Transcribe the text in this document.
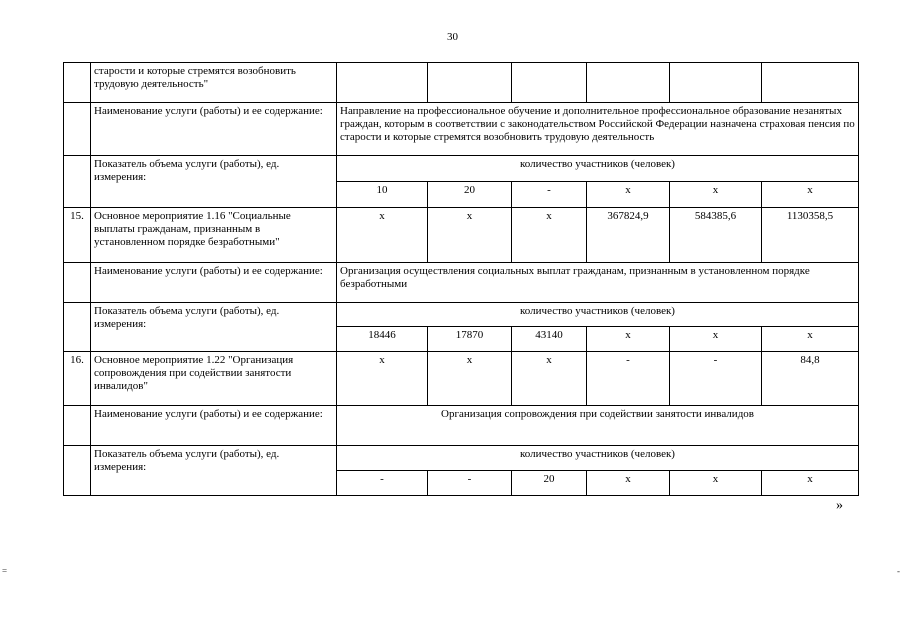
30
	старости и которые стремятся возобновить трудовую деятельность"						
	Наименование услуги (работы) и ее содержание:	Направление на профессиональное обучение и дополнительное профессиональное образование незанятых граждан, которым в соответствии с законодательством Российской Федерации назначена страховая пенсия по старости и которые стремятся возобновить трудовую деятельность					
	Показатель объема услуги (работы), ед. измерения:	количество участников (человек)					
		10	20	-	x	x	x
15.	Основное мероприятие 1.16 "Социальные выплаты гражданам, признанным в установленном порядке безработными"	x	x	x	367824,9	584385,6	1130358,5
	Наименование услуги (работы) и ее содержание:	Организация осуществления социальных выплат гражданам, признанным в установленном порядке безработными					
	Показатель объема услуги (работы), ед. измерения:	количество участников (человек)					
		18446	17870	43140	x	x	x
16.	Основное мероприятие 1.22 "Организация сопровождения при содействии занятости инвалидов"	x	x	x	-	-	84,8
	Наименование услуги (работы) и ее содержание:	Организация сопровождения при содействии занятости инвалидов					
	Показатель объема услуги (работы), ед. измерения:	количество участников (человек)					
		-	-	20	x	x	x
»
=	-
